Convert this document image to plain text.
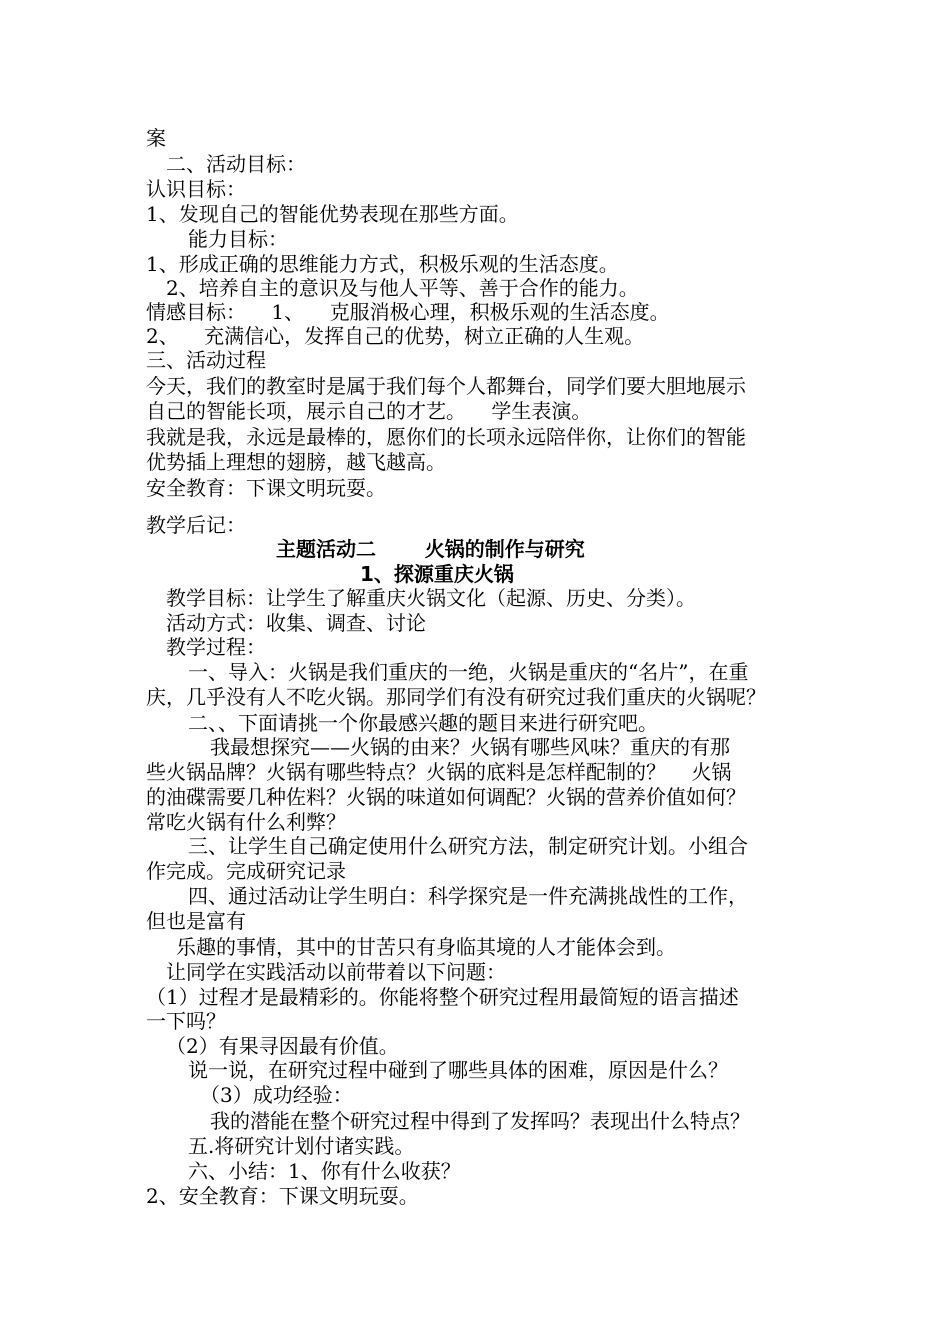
案
二、活动目标：
认识目标：
1、发现自己的智能优势表现在那些方面。
能力目标：
1、形成正确的思维能力方式，积极乐观的生活态度。
2、培养自主的意识及与他人平等、善于合作的能力。
情感目标：    1、    克服消极心理，积极乐观的生活态度。
2、    充满信心，发挥自己的优势，树立正确的人生观。
三、活动过程
今天，我们的教室时是属于我们每个人都舞台，同学们要大胆地展示
自己的智能长项，展示自己的才艺。    学生表演。
我就是我，永远是最棒的，愿你们的长项永远陪伴你，让你们的智能
优势插上理想的翅膀，越飞越高。
安全教育：下课文明玩耍。
教学后记：
主题活动二       火锅的制作与研究
1、探源重庆火锅
教学目标：让学生了解重庆火锅文化（起源、历史、分类）。
活动方式：收集、调查、讨论
教学过程：
一、导入：火锅是我们重庆的一绝，火锅是重庆的“名片”，在重
庆，几乎没有人不吃火锅。那同学们有没有研究过我们重庆的火锅呢？
二、、下面请挑一个你最感兴趣的题目来进行研究吧。
我最想探究——火锅的由来？火锅有哪些风味？重庆的有那
些火锅品牌？火锅有哪些特点？火锅的底料是怎样配制的？    火锅
的油碟需要几种佐料？火锅的味道如何调配？火锅的营养价值如何？
常吃火锅有什么利弊？
三、让学生自己确定使用什么研究方法，制定研究计划。小组合
作完成。完成研究记录
四、通过活动让学生明白：科学探究是一件充满挑战性的工作，
但也是富有
乐趣的事情，其中的甘苦只有身临其境的人才能体会到。
让同学在实践活动以前带着以下问题：
（1）过程才是最精彩的。你能将整个研究过程用最简短的语言描述
一下吗？
（2）有果寻因最有价值。
说一说，在研究过程中碰到了哪些具体的困难，原因是什么？
（3）成功经验：
我的潜能在整个研究过程中得到了发挥吗？表现出什么特点？
五.将研究计划付诸实践。
六、小结：1、你有什么收获？
2、安全教育：下课文明玩耍。
